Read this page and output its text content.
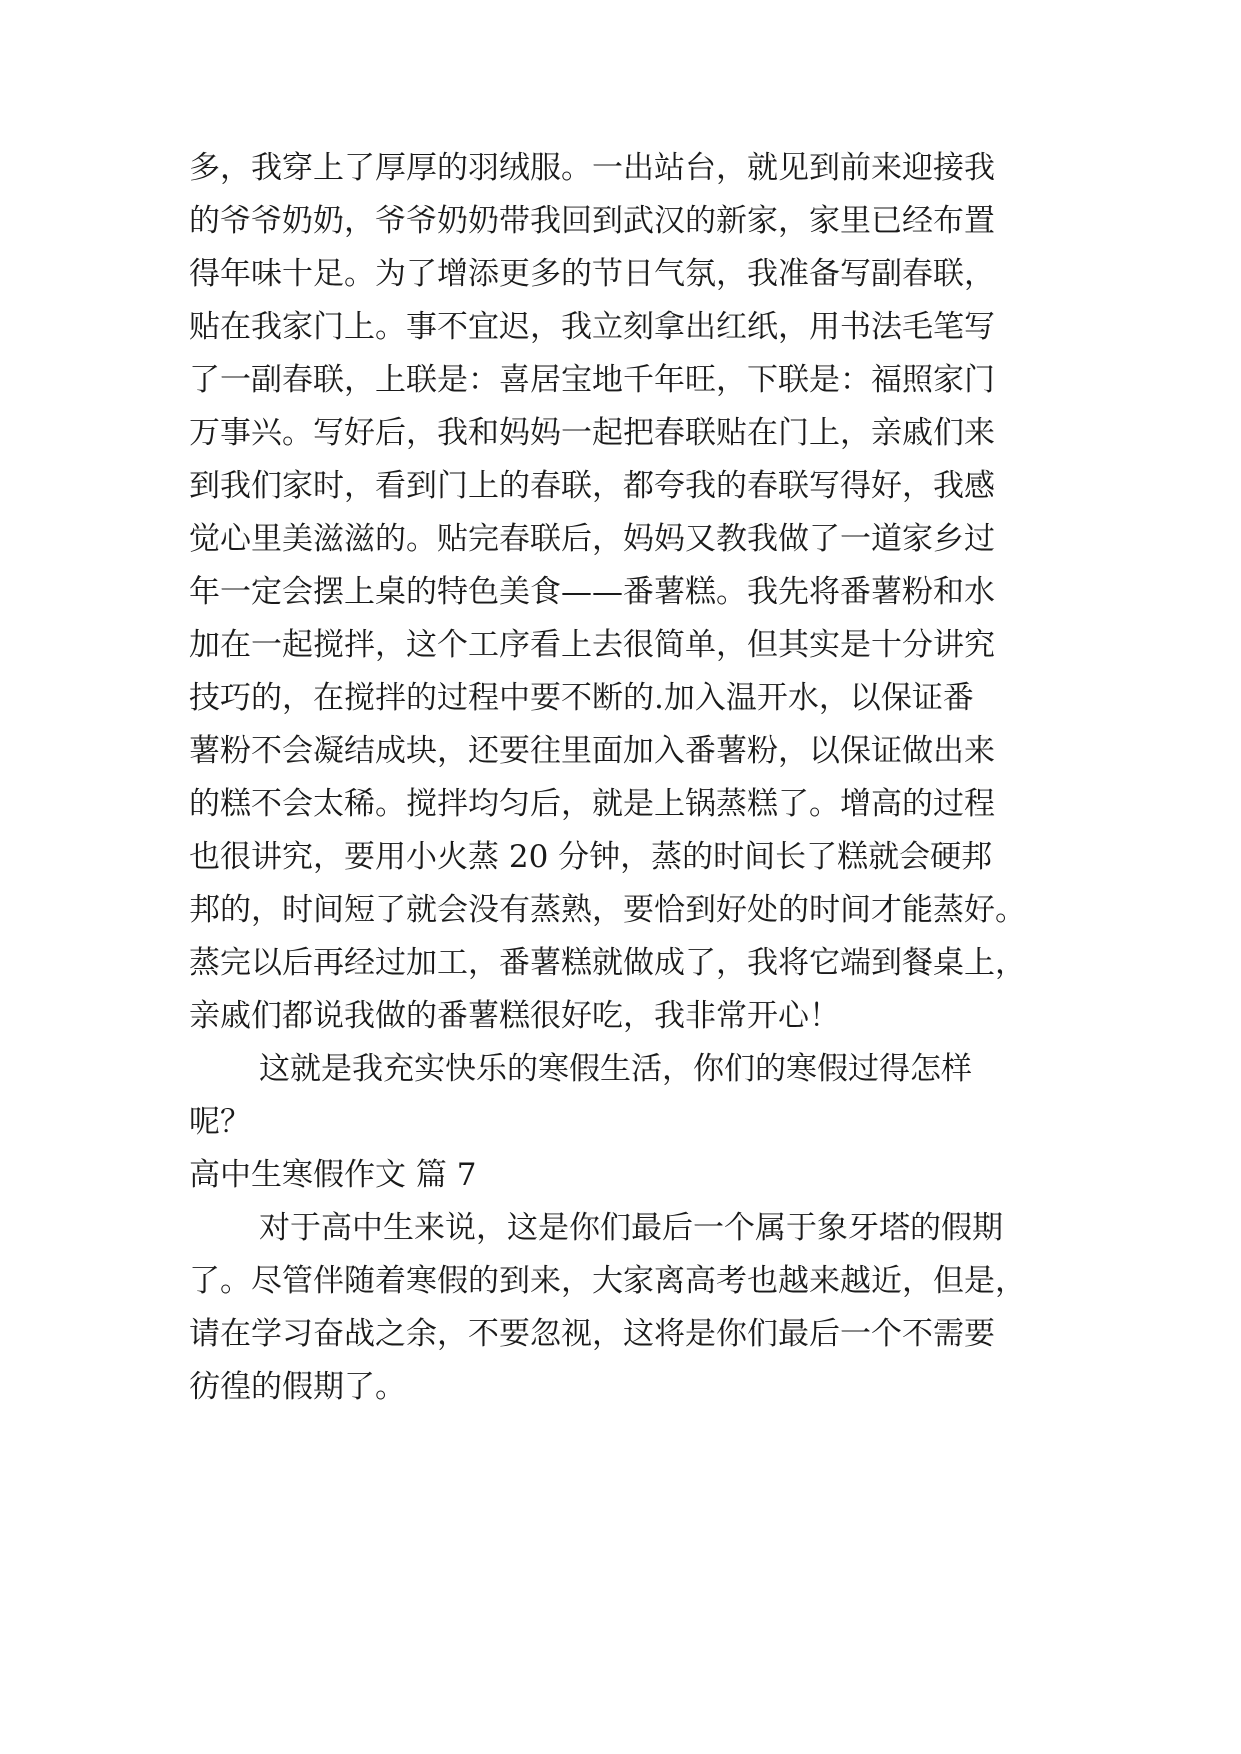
多，我穿上了厚厚的羽绒服。一出站台，就见到前来迎接我
的爷爷奶奶，爷爷奶奶带我回到武汉的新家，家里已经布置
得年味十足。为了增添更多的节日气氛，我准备写副春联，
贴在我家门上。事不宜迟，我立刻拿出红纸，用书法毛笔写
了一副春联，上联是：喜居宝地千年旺，下联是：福照家门
万事兴。写好后，我和妈妈一起把春联贴在门上，亲戚们来
到我们家时，看到门上的春联，都夸我的春联写得好，我感
觉心里美滋滋的。贴完春联后，妈妈又教我做了一道家乡过
年一定会摆上桌的特色美食——番薯糕。我先将番薯粉和水
加在一起搅拌，这个工序看上去很简单，但其实是十分讲究
技巧的，在搅拌的过程中要不断的.加入温开水，以保证番
薯粉不会凝结成块，还要往里面加入番薯粉，以保证做出来
的糕不会太稀。搅拌均匀后，就是上锅蒸糕了。增高的过程
也很讲究，要用小火蒸 20 分钟，蒸的时间长了糕就会硬邦
邦的，时间短了就会没有蒸熟，要恰到好处的时间才能蒸好。
蒸完以后再经过加工，番薯糕就做成了，我将它端到餐桌上，
亲戚们都说我做的番薯糕很好吃，我非常开心！
这就是我充实快乐的寒假生活，你们的寒假过得怎样
呢？
高中生寒假作文 篇 7
对于高中生来说，这是你们最后一个属于象牙塔的假期
了。尽管伴随着寒假的到来，大家离高考也越来越近，但是，
请在学习奋战之余，不要忽视，这将是你们最后一个不需要
彷徨的假期了。
